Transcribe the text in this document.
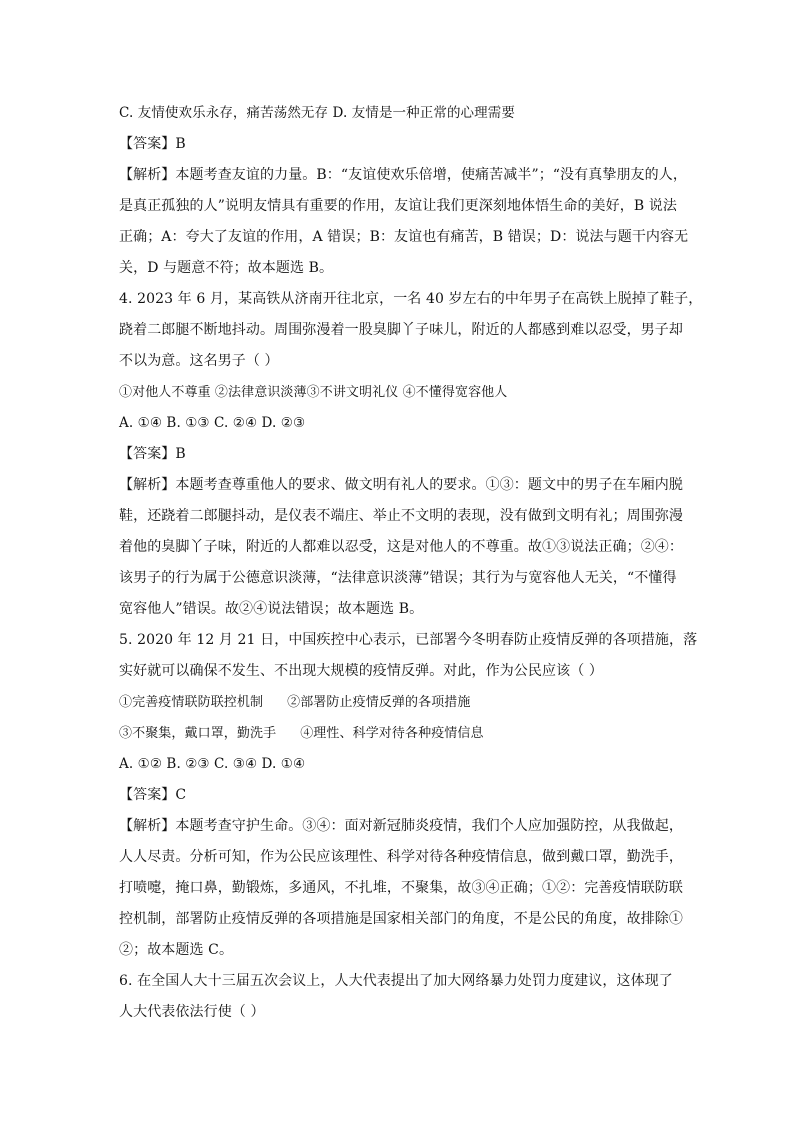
C. 友情使欢乐永存，痛苦荡然无存 D. 友情是一种正常的心理需要
【答案】B
【解析】本题考查友谊的力量。B：“友谊使欢乐倍增，使痛苦减半”；“没有真挚朋友的人，
是真正孤独的人”说明友情具有重要的作用，友谊让我们更深刻地体悟生命的美好，B 说法
正确；A：夸大了友谊的作用，A 错误；B：友谊也有痛苦，B 错误；D：说法与题干内容无
关，D 与题意不符；故本题选 B。
4. 2023 年 6 月，某高铁从济南开往北京，一名 40 岁左右的中年男子在高铁上脱掉了鞋子，
跷着二郎腿不断地抖动。周围弥漫着一股臭脚丫子味儿，附近的人都感到难以忍受，男子却
不以为意。这名男子（ ）
①对他人不尊重 ②法律意识淡薄③不讲文明礼仪 ④不懂得宽容他人
A. ①④ B. ①③ C. ②④ D. ②③
【答案】B
【解析】本题考查尊重他人的要求、做文明有礼人的要求。①③：题文中的男子在车厢内脱
鞋，还跷着二郎腿抖动，是仪表不端庄、举止不文明的表现，没有做到文明有礼；周围弥漫
着他的臭脚丫子味，附近的人都难以忍受，这是对他人的不尊重。故①③说法正确；②④：
该男子的行为属于公德意识淡薄，“法律意识淡薄”错误；其行为与宽容他人无关，“不懂得
宽容他人”错误。故②④说法错误；故本题选 B。
5. 2020 年 12 月 21 日，中国疾控中心表示，已部署今冬明春防止疫情反弹的各项措施，落
实好就可以确保不发生、不出现大规模的疫情反弹。对此，作为公民应该（ ）
①完善疫情联防联控机制 ②部署防止疫情反弹的各项措施
③不聚集，戴口罩，勤洗手 ④理性、科学对待各种疫情信息
A. ①② B. ②③ C. ③④ D. ①④
【答案】C
【解析】本题考查守护生命。③④：面对新冠肺炎疫情，我们个人应加强防控，从我做起，
人人尽责。分析可知，作为公民应该理性、科学对待各种疫情信息，做到戴口罩，勤洗手，
打喷嚏，掩口鼻，勤锻炼，多通风，不扎堆，不聚集，故③④正确；①②：完善疫情联防联
控机制，部署防止疫情反弹的各项措施是国家相关部门的角度，不是公民的角度，故排除①
②；故本题选 C。
6. 在全国人大十三届五次会议上，人大代表提出了加大网络暴力处罚力度建议，这体现了
人大代表依法行使（ ）
